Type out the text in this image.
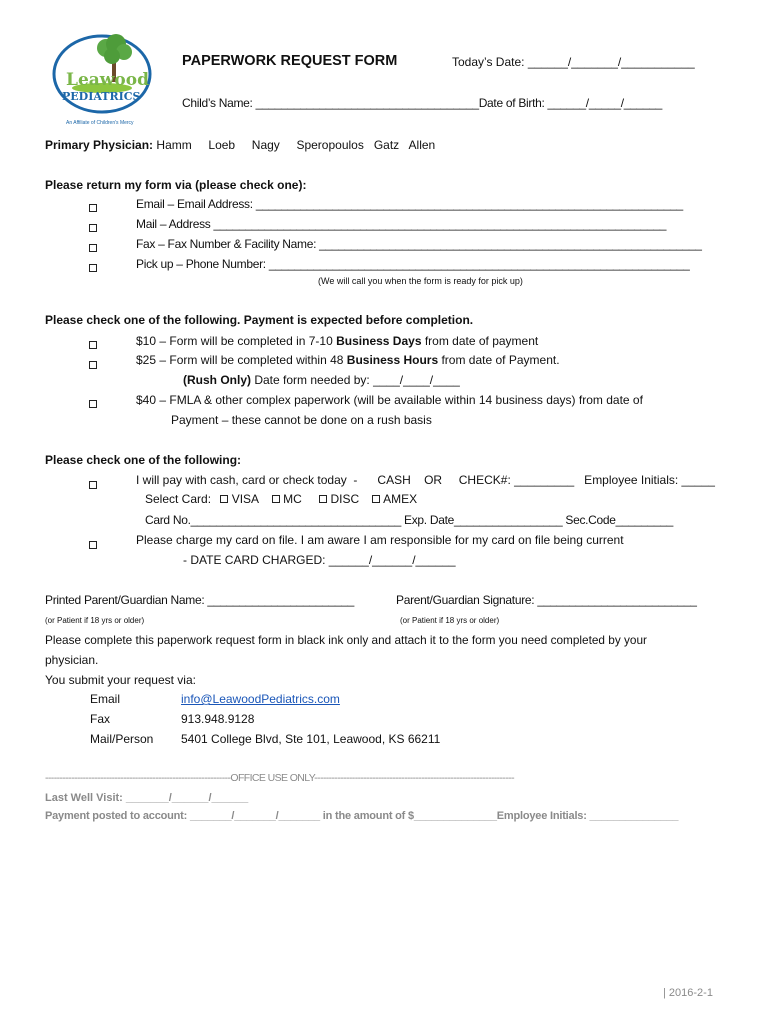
Leawood
PEDIATRICS
An Affiliate of Children's Mercy
PAPERWORK REQUEST FORM	Today’s Date: ______/_______/___________
Child’s Name: ___________________________________Date of Birth: ______/_____/______
Primary Physician: Hamm     Loeb     Nagy     Speropoulos   Gatz   Allen
Please return my form via (please check one):
Email – Email Address: ___________________________________________________________________
Mail – Address _______________________________________________________________________
Fax – Fax Number & Facility Name: ____________________________________________________________
Pick up – Phone Number: __________________________________________________________________
(We will call you when the form is ready for pick up)
Please check one of the following. Payment is expected before completion.
$10 – Form will be completed in 7-10 Business Days from date of payment
$25 – Form will be completed within 48 Business Hours from date of Payment.
(Rush Only) Date form needed by: ____/____/____
$40 – FMLA & other complex paperwork (will be available within 14 business days) from date of
Payment – these cannot be done on a rush basis
Please check one of the following:
I will pay with cash, card or check today  -      CASH    OR     CHECK#: _________   Employee Initials: _____
Select Card: VISA MC DISC AMEX
Card No._________________________________ Exp. Date_________________ Sec.Code_________
Please charge my card on file. I am aware I am responsible for my card on file being current
- DATE CARD CHARGED: ______/______/______
Printed Parent/Guardian Name: _______________________	Parent/Guardian Signature: _________________________
(or Patient if 18 yrs or older)	(or Patient if 18 yrs or older)
Please complete this paperwork request form in black ink only and attach it to the form you need completed by your
physician.
You submit your request via:
Email	info@LeawoodPediatrics.com
Fax	913.948.9128
Mail/Person 5401 College Blvd, Ste 101, Leawood, KS 66211
----------------------------------------------------------------OFFICE USE ONLY---------------------------------------------------------------------
Last Well Visit: _______/______/______
Payment posted to account: _______/_______/_______ in the amount of $______________Employee Initials: _______________
| 2016-2-1
